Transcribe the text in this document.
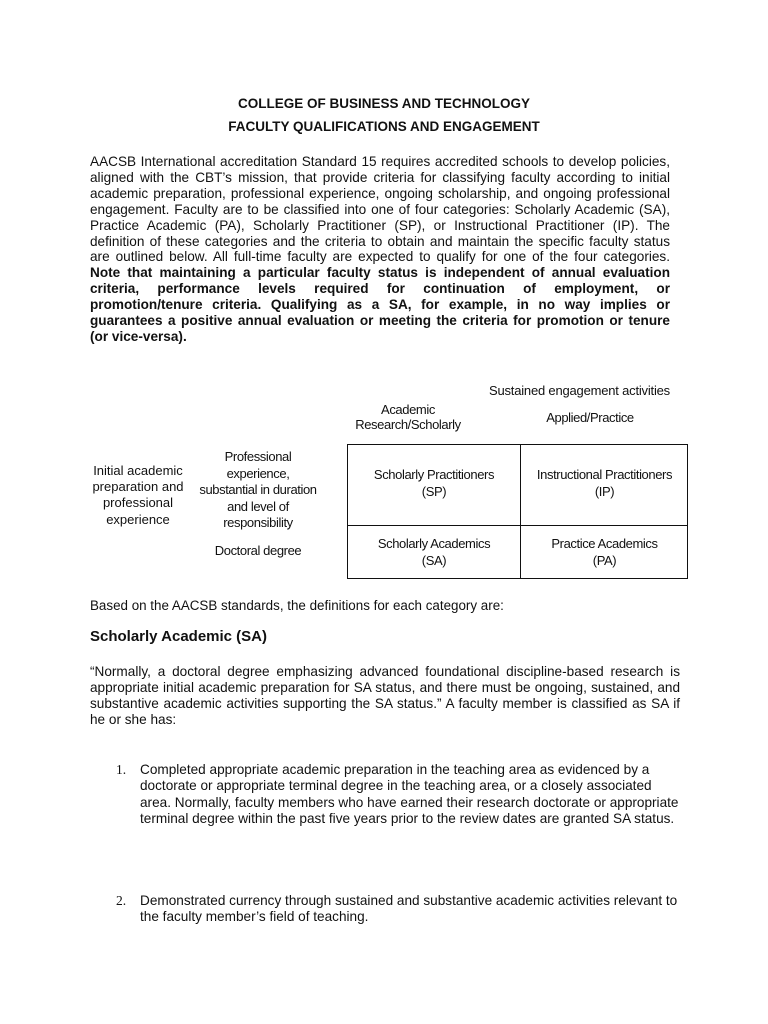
COLLEGE OF BUSINESS AND TECHNOLOGY
FACULTY QUALIFICATIONS AND ENGAGEMENT
AACSB International accreditation Standard 15 requires accredited schools to develop policies, aligned with the CBT’s mission, that provide criteria for classifying faculty according to initial academic preparation, professional experience, ongoing scholarship, and ongoing professional engagement. Faculty are to be classified into one of four categories: Scholarly Academic (SA), Practice Academic (PA), Scholarly Practitioner (SP), or Instructional Practitioner (IP). The definition of these categories and the criteria to obtain and maintain the specific faculty status are outlined below. All full-time faculty are expected to qualify for one of the four categories. Note that maintaining a particular faculty status is independent of annual evaluation criteria, performance levels required for continuation of employment, or promotion/tenure criteria. Qualifying as a SA, for example, in no way implies or guarantees a positive annual evaluation or meeting the criteria for promotion or tenure (or vice-versa).
Sustained engagement activities
Academic Research/Scholarly	Applied/Practice
Initial academic preparation and professional experience
Professional experience, substantial in duration and level of responsibility
Doctoral degree
Scholarly Practitioners
(SP)
Instructional Practitioners
(IP)
Scholarly Academics
(SA)
Practice Academics
(PA)
Based on the AACSB standards, the definitions for each category are:
Scholarly Academic (SA)
“Normally, a doctoral degree emphasizing advanced foundational discipline-based research is appropriate initial academic preparation for SA status, and there must be ongoing, sustained, and substantive academic activities supporting the SA status.” A faculty member is classified as SA if he or she has:
1. Completed appropriate academic preparation in the teaching area as evidenced by a doctorate or appropriate terminal degree in the teaching area, or a closely associated area. Normally, faculty members who have earned their research doctorate or appropriate terminal degree within the past five years prior to the review dates are granted SA status.
2. Demonstrated currency through sustained and substantive academic activities relevant to the faculty member’s field of teaching.
